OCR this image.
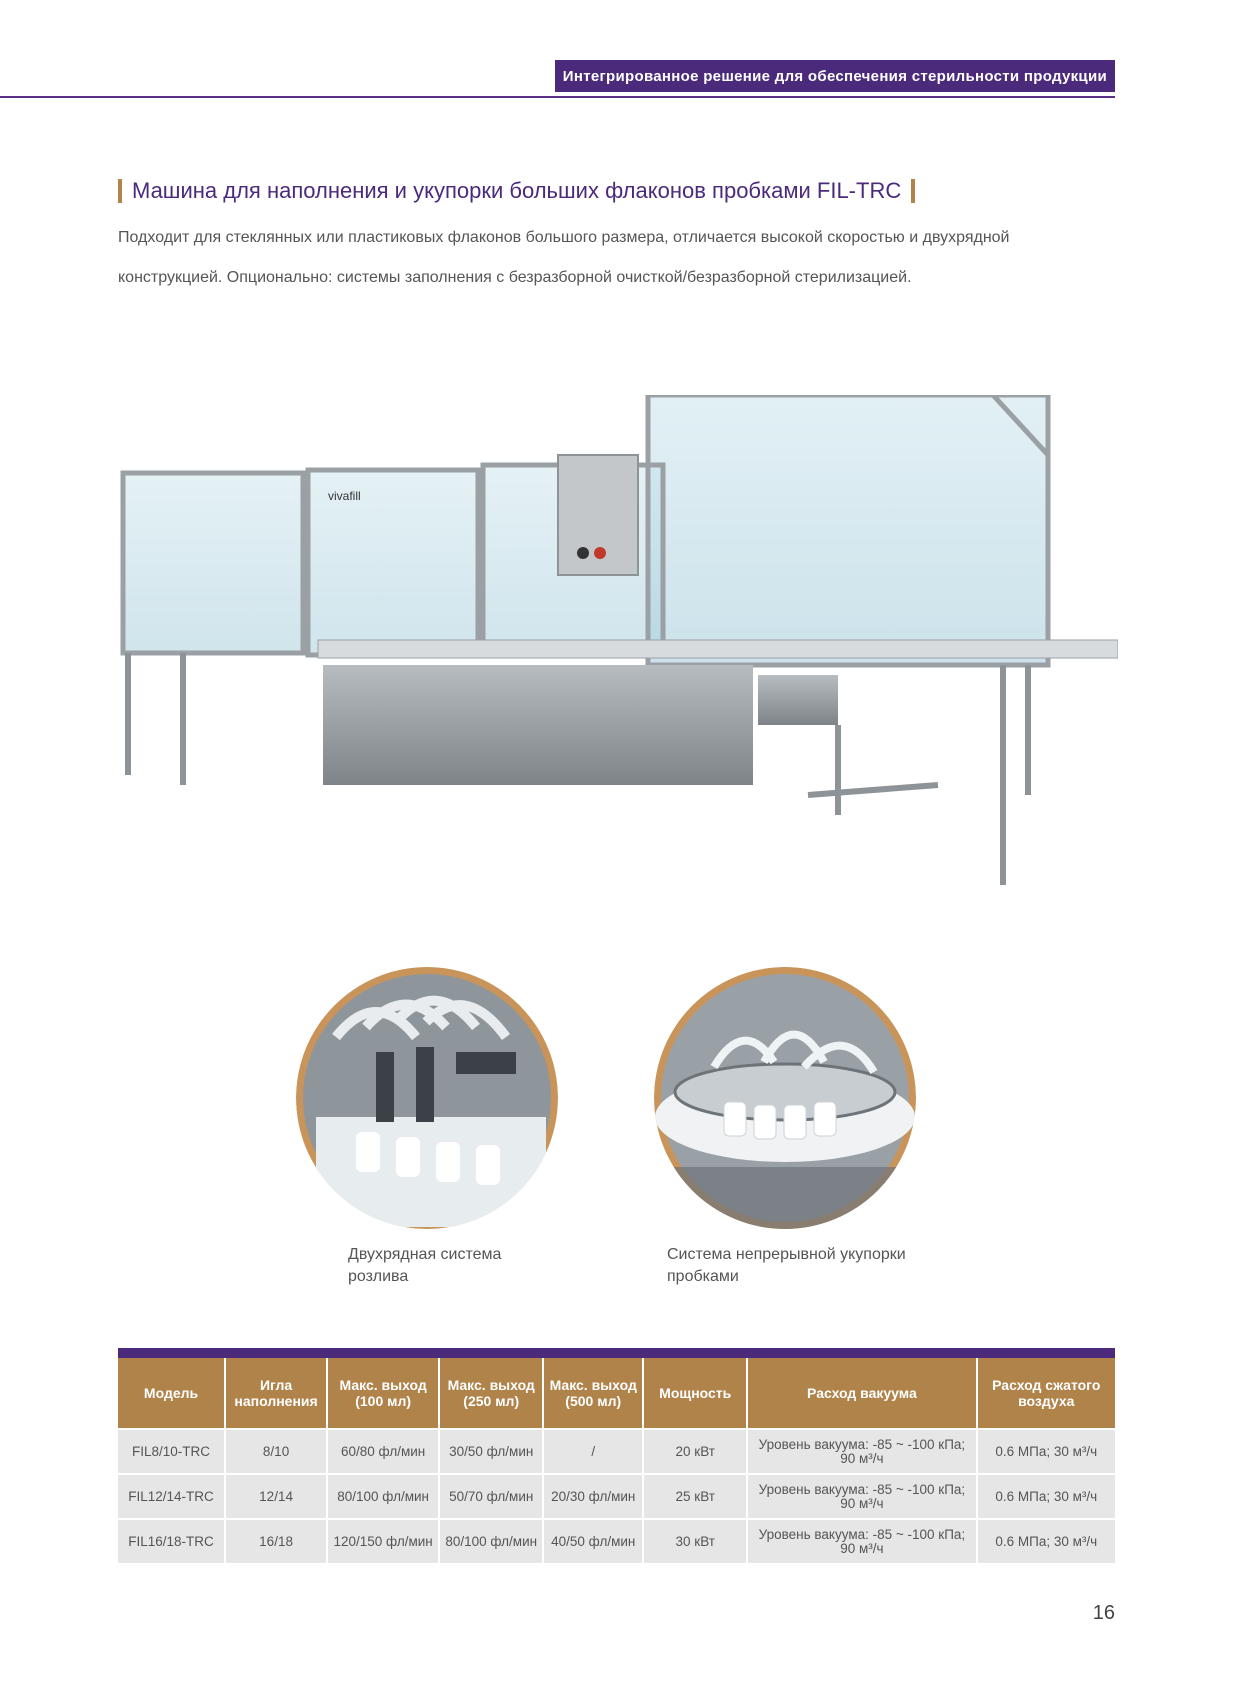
Интегрированное решение для обеспечения стерильности продукции
Машина для наполнения и укупорки больших флаконов пробками FIL-TRC

Подходит для стеклянных или пластиковых флаконов большого размера, отличается высокой скоростью и двухрядной

конструкцией. Опционально: системы заполнения с безразборной очисткой/безразборной стерилизацией.

vivafill
Двухрядная система
розлива
Система непрерывной укупорки
пробками
Модель	Игла наполнения	Макс. выход (100 мл)	Макс. выход (250 мл)	Макс. выход (500 мл)	Мощность	Расход вакуума	Расход сжатого воздуха
FIL8/10-TRC	8/10	60/80 фл/мин	30/50 фл/мин	/	20 кВт	Уровень вакуума: -85 ~ -100 кПа; 90 м³/ч	0.6 МПа; 30 м³/ч
FIL12/14-TRC	12/14	80/100 фл/мин	50/70 фл/мин	20/30 фл/мин	25 кВт	Уровень вакуума: -85 ~ -100 кПа; 90 м³/ч	0.6 МПа; 30 м³/ч
FIL16/18-TRC	16/18	120/150 фл/мин	80/100 фл/мин	40/50 фл/мин	30 кВт	Уровень вакуума: -85 ~ -100 кПа; 90 м³/ч	0.6 МПа; 30 м³/ч
16
